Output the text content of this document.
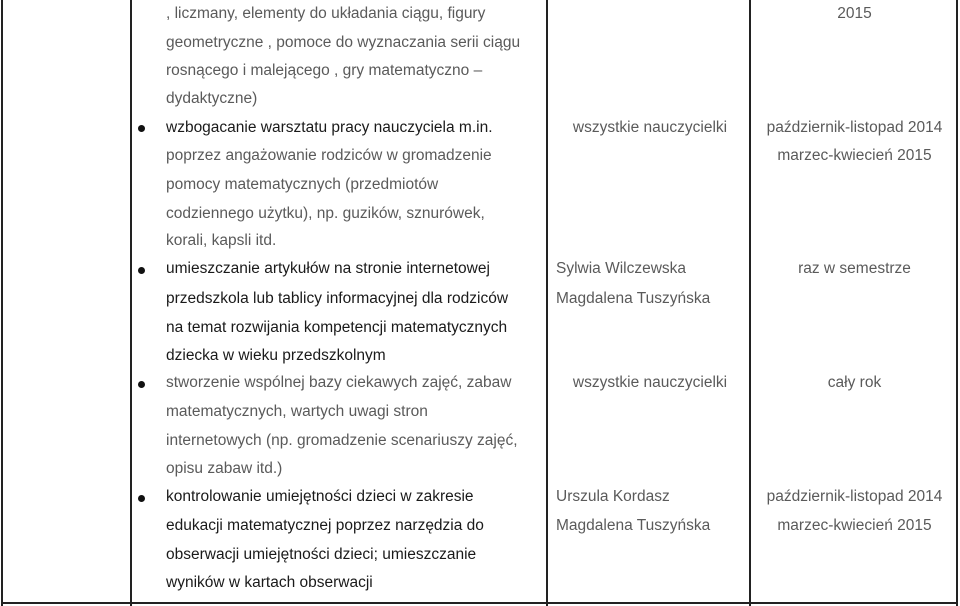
, liczmany, elementy do układania ciągu, figury
geometryczne , pomoce do wyznaczania serii ciągu
rosnącego i malejącego , gry matematyczno –
dydaktyczne)
wzbogacanie warsztatu pracy nauczyciela m.in.
poprzez angażowanie rodziców w gromadzenie
pomocy matematycznych (przedmiotów
codziennego użytku), np. guzików, sznurówek,
korali, kapsli itd.
wszystkie nauczycielki	październik-listopad 2014
marzec-kwiecień 2015
umieszczanie artykułów na stronie internetowej
przedszkola lub tablicy informacyjnej dla rodziców
na temat rozwijania kompetencji matematycznych
dziecka w wieku przedszkolnym
Sylwia Wilczewska
Magdalena Tuszyńska
raz w semestrze
stworzenie wspólnej bazy ciekawych zajęć, zabaw
matematycznych, wartych uwagi stron
internetowych (np. gromadzenie scenariuszy zajęć,
opisu zabaw itd.)
wszystkie nauczycielki	cały rok
kontrolowanie umiejętności dzieci w zakresie
edukacji matematycznej poprzez narzędzia do
obserwacji umiejętności dzieci; umieszczanie
wyników w kartach obserwacji
Urszula Kordasz
Magdalena Tuszyńska
październik-listopad 2014
marzec-kwiecień 2015
2015
